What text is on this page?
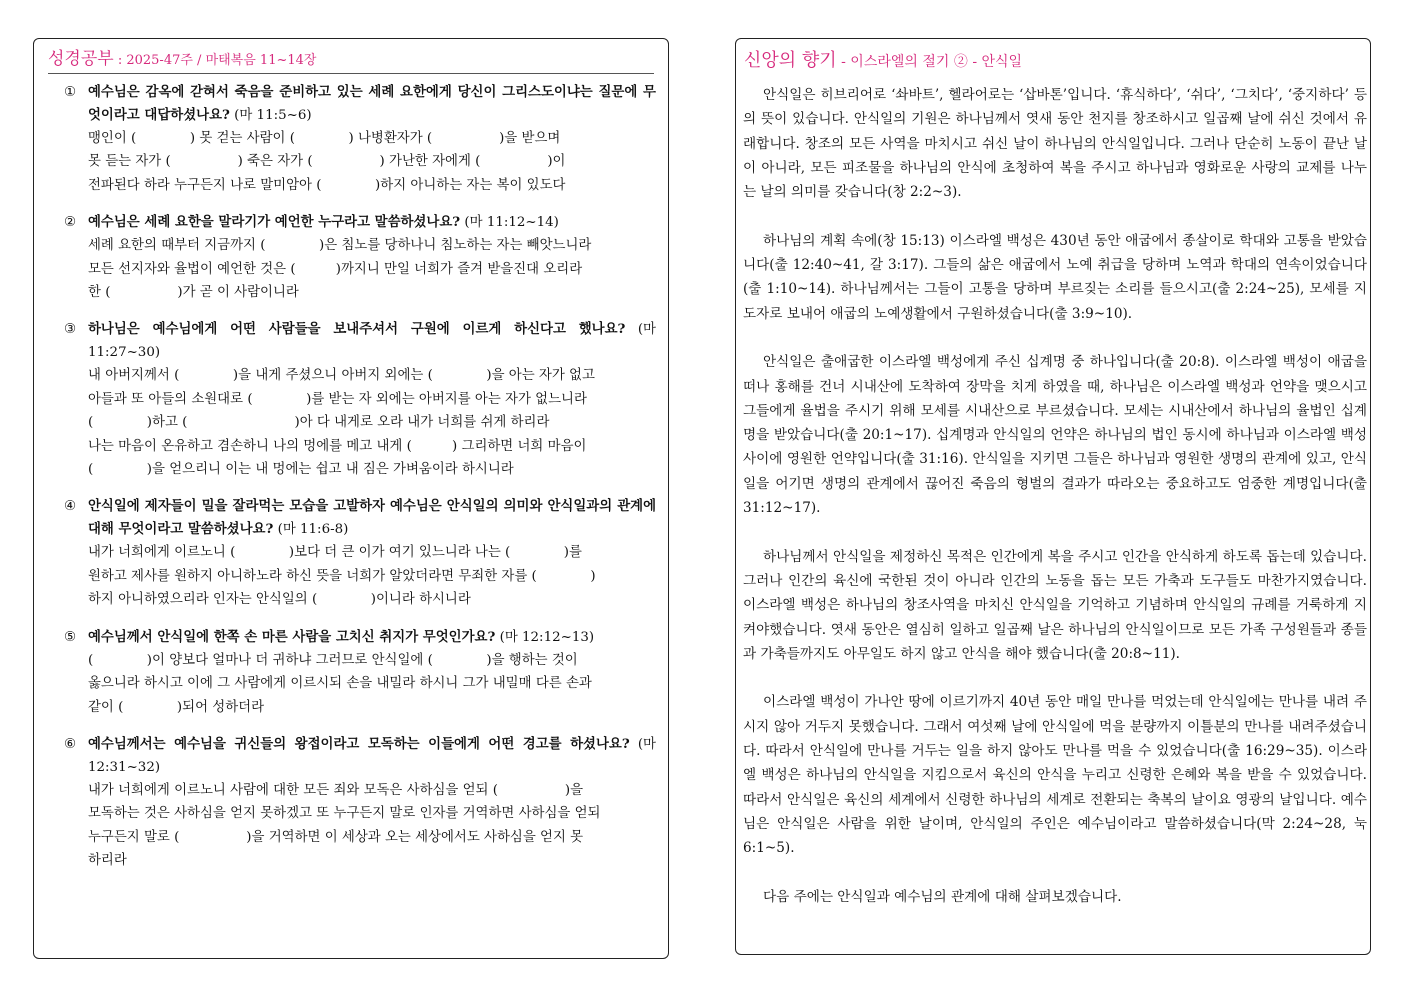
성경공부 : 2025-47주 / 마태복음 11~14장
① 예수님은 감옥에 갇혀서 죽음을 준비하고 있는 세례 요한에게 당신이 그리스도이냐는 질문에 무엇이라고 대답하셨나요? (마 11:5~6)
맹인이 (　　　　) 못 걷는 사람이 (　　　　) 나병환자가 (　　　　　)을 받으며
못 듣는 자가 (　　　　　) 죽은 자가 (　　　　　) 가난한 자에게 (　　　　　)이
전파된다 하라 누구든지 나로 말미암아 (　　　　)하지 아니하는 자는 복이 있도다
② 예수님은 세례 요한을 말라기가 예언한 누구라고 말씀하셨나요? (마 11:12~14)
세례 요한의 때부터 지금까지 (　　　　)은 침노를 당하나니 침노하는 자는 빼앗느니라
모든 선지자와 율법이 예언한 것은 (　　　)까지니 만일 너희가 즐겨 받을진대 오리라
한 (　　　　　)가 곧 이 사람이니라
③ 하나님은 예수님에게 어떤 사람들을 보내주셔서 구원에 이르게 하신다고 했나요? (마 11:27~30)
내 아버지께서 (　　　　)을 내게 주셨으니 아버지 외에는 (　　　　)을 아는 자가 없고
아들과 또 아들의 소원대로 (　　　　)를 받는 자 외에는 아버지를 아는 자가 없느니라
(　　　　)하고 (　　　　　　　　)아 다 내게로 오라 내가 너희를 쉬게 하리라
나는 마음이 온유하고 겸손하니 나의 멍에를 메고 내게 (　　　) 그리하면 너희 마음이
(　　　　)을 얻으리니 이는 내 멍에는 쉽고 내 짐은 가벼움이라 하시니라
④ 안식일에 제자들이 밀을 잘라먹는 모습을 고발하자 예수님은 안식일의 의미와 안식일과의 관계에 대해 무엇이라고 말씀하셨나요? (마 11:6-8)
내가 너희에게 이르노니 (　　　　)보다 더 큰 이가 여기 있느니라 나는 (　　　　)를
원하고 제사를 원하지 아니하노라 하신 뜻을 너희가 알았더라면 무죄한 자를 (　　　　)
하지 아니하였으리라 인자는 안식일의 (　　　　)이니라 하시니라
⑤ 예수님께서 안식일에 한쪽 손 마른 사람을 고치신 취지가 무엇인가요? (마 12:12~13)
(　　　　)이 양보다 얼마나 더 귀하냐 그러므로 안식일에 (　　　　)을 행하는 것이
옳으니라 하시고 이에 그 사람에게 이르시되 손을 내밀라 하시니 그가 내밀매 다른 손과
같이 (　　　　)되어 성하더라
⑥ 예수님께서는 예수님을 귀신들의 왕접이라고 모독하는 이들에게 어떤 경고를 하셨나요? (마 12:31~32)
내가 너희에게 이르노니 사람에 대한 모든 죄와 모독은 사하심을 얻되 (　　　　　)을
모독하는 것은 사하심을 얻지 못하겠고 또 누구든지 말로 인자를 거역하면 사하심을 얻되
누구든지 말로 (　　　　　)을 거역하면 이 세상과 오는 세상에서도 사하심을 얻지 못
하리라
신앙의 향기 - 이스라엘의 절기 ② - 안식일

안식일은 히브리어로 ‘솨바트’, 헬라어로는 ‘삽바톤’입니다. ‘휴식하다’, ‘쉬다’, ‘그치다’, ‘중지하다’ 등의 뜻이 있습니다. 안식일의 기원은 하나님께서 엿새 동안 천지를 창조하시고 일곱째 날에 쉬신 것에서 유래합니다. 창조의 모든 사역을 마치시고 쉬신 날이 하나님의 안식일입니다. 그러나 단순히 노동이 끝난 날이 아니라, 모든 피조물을 하나님의 안식에 초청하여 복을 주시고 하나님과 영화로운 사랑의 교제를 나누는 날의 의미를 갖습니다(창 2:2~3).

하나님의 계획 속에(창 15:13) 이스라엘 백성은 430년 동안 애굽에서 종살이로 학대와 고통을 받았습니다(출 12:40~41, 갈 3:17). 그들의 삶은 애굽에서 노예 취급을 당하며 노역과 학대의 연속이었습니다(출 1:10~14). 하나님께서는 그들이 고통을 당하며 부르짖는 소리를 들으시고(출 2:24~25), 모세를 지도자로 보내어 애굽의 노예생활에서 구원하셨습니다(출 3:9~10).

안식일은 출애굽한 이스라엘 백성에게 주신 십계명 중 하나입니다(출 20:8). 이스라엘 백성이 애굽을 떠나 홍해를 건너 시내산에 도착하여 장막을 치게 하였을 때, 하나님은 이스라엘 백성과 언약을 맺으시고 그들에게 율법을 주시기 위해 모세를 시내산으로 부르셨습니다. 모세는 시내산에서 하나님의 율법인 십계명을 받았습니다(출 20:1~17). 십계명과 안식일의 언약은 하나님의 법인 동시에 하나님과 이스라엘 백성 사이에 영원한 언약입니다(출 31:16). 안식일을 지키면 그들은 하나님과 영원한 생명의 관계에 있고, 안식일을 어기면 생명의 관계에서 끊어진 죽음의 형벌의 결과가 따라오는 중요하고도 엄중한 계명입니다(출 31:12~17).

하나님께서 안식일을 제정하신 목적은 인간에게 복을 주시고 인간을 안식하게 하도록 돕는데 있습니다. 그러나 인간의 육신에 국한된 것이 아니라 인간의 노동을 돕는 모든 가축과 도구들도 마찬가지였습니다. 이스라엘 백성은 하나님의 창조사역을 마치신 안식일을 기억하고 기념하며 안식일의 규례를 거룩하게 지켜야했습니다. 엿새 동안은 열심히 일하고 일곱째 날은 하나님의 안식일이므로 모든 가족 구성원들과 종들과 가축들까지도 아무일도 하지 않고 안식을 해야 했습니다(출 20:8~11).

이스라엘 백성이 가나안 땅에 이르기까지 40년 동안 매일 만나를 먹었는데 안식일에는 만나를 내려 주시지 않아 거두지 못했습니다. 그래서 여섯째 날에 안식일에 먹을 분량까지 이틀분의 만나를 내려주셨습니다. 따라서 안식일에 만나를 거두는 일을 하지 않아도 만나를 먹을 수 있었습니다(출 16:29~35). 이스라엘 백성은 하나님의 안식일을 지킴으로서 육신의 안식을 누리고 신령한 은혜와 복을 받을 수 있었습니다. 따라서 안식일은 육신의 세계에서 신령한 하나님의 세계로 전환되는 축복의 날이요 영광의 날입니다. 예수님은 안식일은 사람을 위한 날이며, 안식일의 주인은 예수님이라고 말씀하셨습니다(막 2:24~28, 눅 6:1~5).

다음 주에는 안식일과 예수님의 관계에 대해 살펴보겠습니다.
